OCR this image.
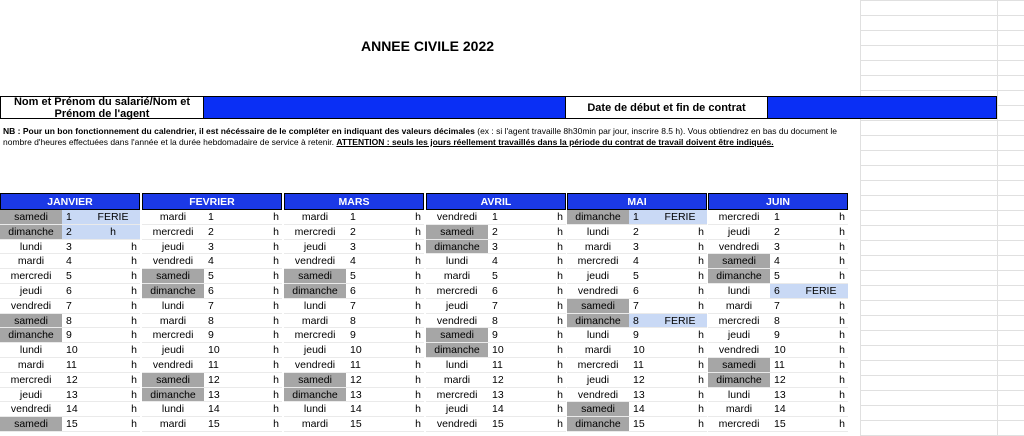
ANNEE CIVILE 2022
Nom et Prénom du salarié/Nom et Prénom de l'agent	Date de début et fin de contrat
NB : Pour un bon fonctionnement du calendrier, il est nécéssaire de le compléter en indiquant des valeurs décimales (ex : si l'agent travaille 8h30min par jour, inscrire 8.5 h). Vous obtiendrez en bas du document le nombre d'heures effectuées dans l'année et la durée hebdomadaire de service à retenir. ATTENTION : seuls les jours réellement travaillés dans la période du contrat de travail doivent être indiqués.
JANVIER
samedi	1	FERIE
dimanche	2	h
lundi	3	h
mardi	4	h
mercredi	5	h
jeudi	6	h
vendredi	7	h
samedi	8	h
dimanche	9	h
lundi	10	h
mardi	11	h
mercredi	12	h
jeudi	13	h
vendredi	14	h
samedi	15	h
FEVRIER
mardi	1	h
mercredi	2	h
jeudi	3	h
vendredi	4	h
samedi	5	h
dimanche	6	h
lundi	7	h
mardi	8	h
mercredi	9	h
jeudi	10	h
vendredi	11	h
samedi	12	h
dimanche	13	h
lundi	14	h
mardi	15	h
MARS
mardi	1	h
mercredi	2	h
jeudi	3	h
vendredi	4	h
samedi	5	h
dimanche	6	h
lundi	7	h
mardi	8	h
mercredi	9	h
jeudi	10	h
vendredi	11	h
samedi	12	h
dimanche	13	h
lundi	14	h
mardi	15	h
AVRIL
vendredi	1	h
samedi	2	h
dimanche	3	h
lundi	4	h
mardi	5	h
mercredi	6	h
jeudi	7	h
vendredi	8	h
samedi	9	h
dimanche	10	h
lundi	11	h
mardi	12	h
mercredi	13	h
jeudi	14	h
vendredi	15	h
MAI
dimanche	1	FERIE
lundi	2	h
mardi	3	h
mercredi	4	h
jeudi	5	h
vendredi	6	h
samedi	7	h
dimanche	8	FERIE
lundi	9	h
mardi	10	h
mercredi	11	h
jeudi	12	h
vendredi	13	h
samedi	14	h
dimanche	15	h
JUIN
mercredi	1	h
jeudi	2	h
vendredi	3	h
samedi	4	h
dimanche	5	h
lundi	6	FERIE
mardi	7	h
mercredi	8	h
jeudi	9	h
vendredi	10	h
samedi	11	h
dimanche	12	h
lundi	13	h
mardi	14	h
mercredi	15	h
